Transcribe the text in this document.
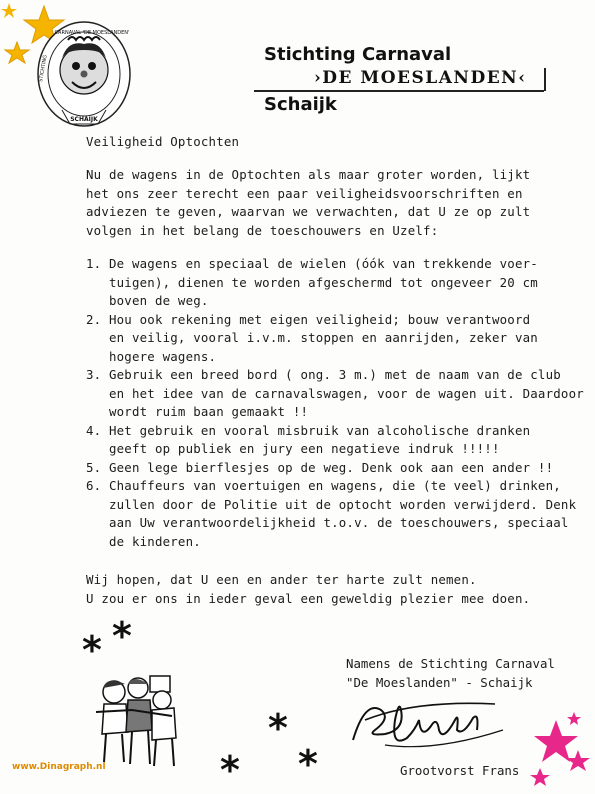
SCHAIJK
CARNAVAL 'DE MOESLANDEN'
STICHTING
Stichting Carnaval
›DE MOESLANDEN‹
Schaijk
Veiligheid Optochten
Nu de wagens in de Optochten als maar groter worden, lijkt
het ons zeer terecht een paar veiligheidsvoorschriften en
adviezen te geven, waarvan we verwachten, dat U ze op zult
volgen in het belang de toeschouwers en Uzelf:
1. De wagens en speciaal de wielen (óók van trekkende voer-
tuigen), dienen te worden afgeschermd tot ongeveer 20 cm
boven de weg.
2. Hou ook rekening met eigen veiligheid; bouw verantwoord
en veilig, vooral i.v.m. stoppen en aanrijden, zeker van
hogere wagens.
3. Gebruik een breed bord ( ong. 3 m.) met de naam van de club
en het idee van de carnavalswagen, voor de wagen uit. Daardoor
wordt ruim baan gemaakt !!
4. Het gebruik en vooral misbruik van alcoholische dranken
geeft op publiek en jury een negatieve indruk !!!!!
5. Geen lege bierflesjes op de weg. Denk ook aan een ander !!
6. Chauffeurs van voertuigen en wagens, die (te veel) drinken,
zullen door de Politie uit de optocht worden verwijderd. Denk
aan Uw verantwoordelijkheid t.o.v. de toeschouwers, speciaal
de kinderen.
Wij hopen, dat U een en ander ter harte zult nemen.
U zou er ons in ieder geval een geweldig plezier mee doen.
Namens de Stichting Carnaval
"De Moeslanden" - Schaijk
Grootvorst Frans
* *
*
* *
www.Dinagraph.nl
